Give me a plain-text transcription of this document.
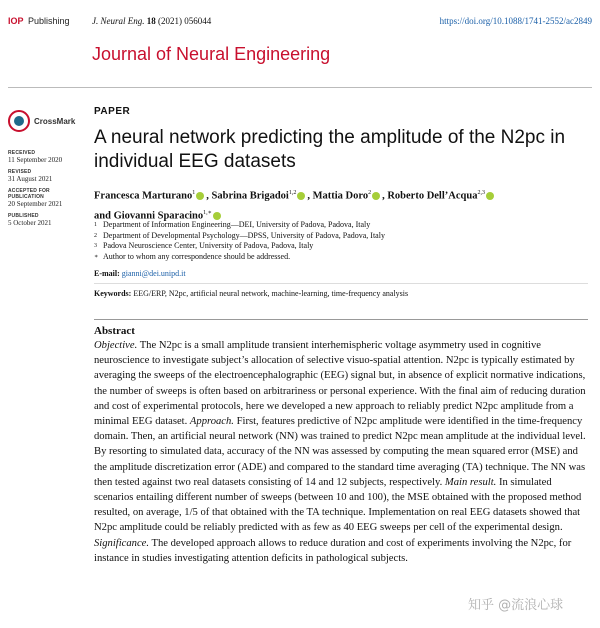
IOP Publishing J. Neural Eng. 18 (2021) 056044	https://doi.org/10.1088/1741-2552/ac2849
Journal of Neural Engineering
CrossMark
RECEIVED
11 September 2020
REVISED
31 August 2021
ACCEPTED FOR PUBLICATION
20 September 2021
PUBLISHED
5 October 2021
PAPER
A neural network predicting the amplitude of the N2pc in individual EEG datasets
Francesca Marturano$^1$ , Sabrina Brigadoi$^{1,2}$ , Mattia Doro$^2$ , Roberto Dell’Acqua$^{2,3}$
and Giovanni Sparacino$^{1,∗}$
1 Department of Information Engineering—DEI, University of Padova, Padova, Italy
2 Department of Developmental Psychology—DPSS, University of Padova, Padova, Italy
3 Padova Neuroscience Center, University of Padova, Padova, Italy
∗ Author to whom any correspondence should be addressed.
E-mail: gianni@dei.unipd.it
Keywords: EEG/ERP, N2pc, artificial neural network, machine-learning, time-frequency analysis
Abstract
Objective. The N2pc is a small amplitude transient interhemispheric voltage asymmetry used in cognitive neuroscience to investigate subject’s allocation of selective visuo-spatial attention. N2pc is typically estimated by averaging the sweeps of the electroencephalographic (EEG) signal but, in absence of explicit normative indications, the number of sweeps is often based on arbitrariness or personal experience. With the final aim of reducing duration and cost of experimental protocols, here we developed a new approach to reliably predict N2pc amplitude from a minimal EEG dataset. Approach. First, features predictive of N2pc amplitude were identified in the time-frequency domain. Then, an artificial neural network (NN) was trained to predict N2pc mean amplitude at the individual level. By resorting to simulated data, accuracy of the NN was assessed by computing the mean squared error (MSE) and the amplitude discretization error (ADE) and compared to the standard time averaging (TA) technique. The NN was then tested against two real datasets consisting of 14 and 12 subjects, respectively. Main result. In simulated scenarios entailing different number of sweeps (between 10 and 100), the MSE obtained with the proposed method resulted, on average, 1/5 of that obtained with the TA technique. Implementation on real EEG datasets showed that N2pc amplitude could be reliably predicted with as few as 40 EEG sweeps per cell of the experimental design. Significance. The developed approach allows to reduce duration and cost of experiments involving the N2pc, for instance in studies investigating attention deficits in pathological subjects.
知乎 @流浪心球
